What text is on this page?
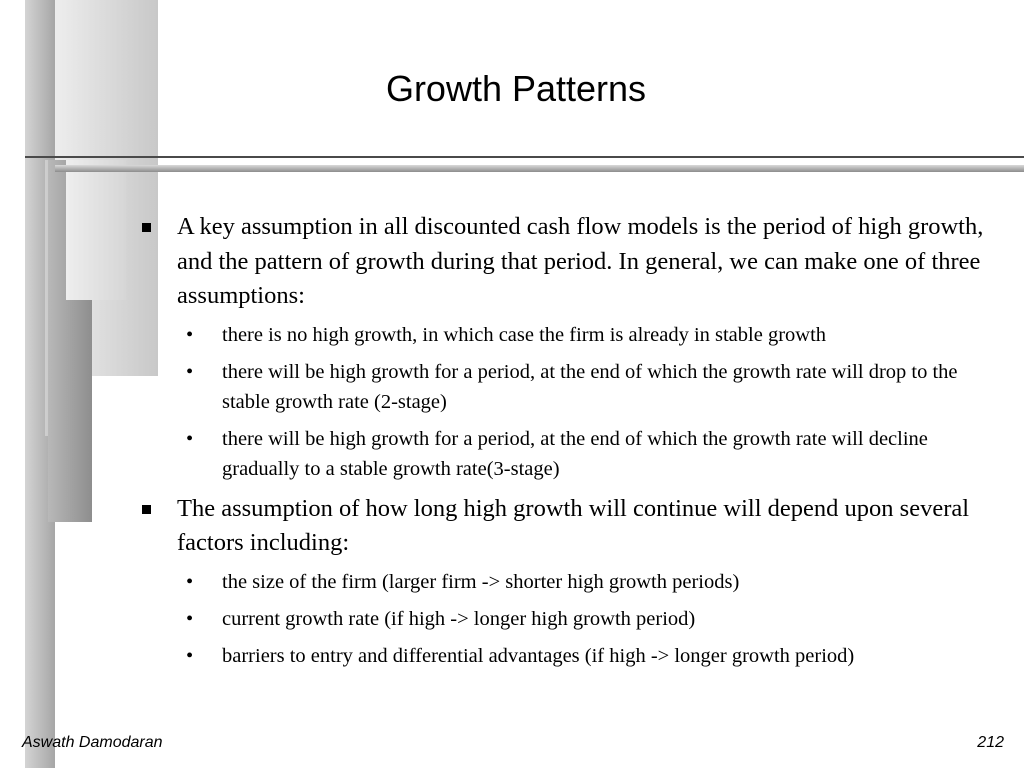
Growth Patterns
A key assumption in all discounted cash flow models is the period of high growth, and the pattern of growth during that period. In general, we can make one of three assumptions:
• there is no high growth, in which case the firm is already in stable growth
• there will be high growth for a period, at the end of which the growth rate will drop to the stable growth rate (2-stage)
• there will be high growth for a period, at the end of which the growth rate will decline gradually to a stable growth rate(3-stage)
The assumption of how long high growth will continue will depend upon several factors including:
• the size of the firm (larger firm -> shorter high growth periods)
• current growth rate (if high -> longer high growth period)
• barriers to entry and differential advantages (if high -> longer growth period)
Aswath Damodaran	212
